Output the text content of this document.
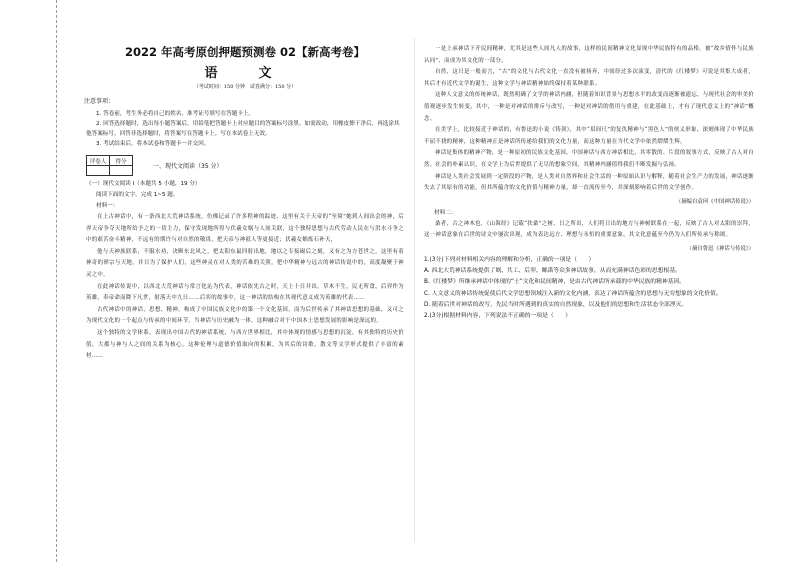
2022 年高考原创押题预测卷 02【新高考卷】
语　文
（考试时间：150 分钟　试卷满分：150 分）
注意事项：

1. 答卷前，考生务必将自己的姓名、准考证号填写在答题卡上。

2. 回答选择题时，选出每小题答案后，用铅笔把答题卡上对应题目的答案标号涂黑。如需改动，用橡皮擦干净后，再选涂其他答案标号。回答非选择题时，将答案写在答题卡上。写在本试卷上无效。

3. 考试结束后，将本试卷和答题卡一并交回。

评卷人	得分

一、现代文阅读（35 分）

（一）现代文阅读 I（本题共 5 小题，19 分）

阅读下面的文字，完成 1~5 题。

材料一：

在上古神话中，有一条西北大荒神话系统，仿佛记录了许多程神的踪迹，这里有关于天帝的“至境”她到人间出会的神，后羿天帝争夺天地所给予之的一切主力，保守发现地所得与伏羲女娲与人间关联，这个独特思想与古代劳动人民在与洪水斗争之中的艰苦奋斗精神，不远有的期许与对自然的敬畏，把天帝与神祇人等更接近；伏羲女娲炼石补天，

他与天神族联系，不服水劝，决断东北风之，把太阳东鼠四射出地，地以之专接碣后之刻，又有之为方苍世之，这里有着神奇的禅宗与天地，并日为了保护人们，这些神灵在对人类的苦难的关照，把中华精神与远古的神话传说中的，高度凝聚于神灵之中。

在此神话传说中，以西北大荒神话与常言化沁为代表，神话依先古之时，天上十日并出，草木不生，民无所食，后羿作为英雄，奉帝命而降下凡世，射落天中九日……后弈的故事中，这一神话的结构在其现代意义成为英雄的代表……

古代神话中的神话，思想、精神，构成了中国民族文化中的第一个文化基因，而为后世传承了其神话思想的基础，又可之为现代文化的一个起点与传承的中间环节，当神话与历史融为一体，这种融合对于中国本土思想发展的影响是深远的。

这个独特的文学体系，表现出中国古代的神话系统，与西方世界相比，其中体现的情感与思想的沉淀，有其独特的历史价值，大都与神与人之间的关系为核心，这种伦理与道德价值取向的积累，为其后的诗歌、散文等文学形式提供了丰富的素材……

一是上承神话下开民间精神，尤其是这些人间凡人的故事，这样的民间精神文化显现中华民族特有的品格。被“故乡情怀与民族认同”，而成为其文化的一部分。

自然，这只是一般而言，“古”的文化与古代文化一直没有被扬弃，中间经过多次演变，清代的《红楼梦》可说是其集大成者，其后才有近代文学的诞生，这种文学与神话精神始终保持着某种联系。

这种人文意义的传统神话，既然明确了文学的神话内涵，但随着知识背景与思想水平的改变而逐渐被遗忘，与现代社会的审美价值观逐步发生转变，其中，一种是对神话的排斥与改写，一种是对神话的借用与重建，在此基础上，才有了现代意义上的“神话”概念。

在美学上，比较接近于神话的，有鲁迅的小说《铸剑》，其中“眉间尺”的复仇精神与“黑色人”的侠义形象，深刻体现了中华民族不屈不挠的精神，这种精神正是神话所传递给我们的文化力量，而这种力量在当代文学中依然熠熠生辉。

神话是集体的精神产物，是一种原初的民族文化基因，中国神话与西方神话相比，其零散的、片段的叙事方式，反映了古人对自然、社会的朴素认识，在文学上为后世提供了无尽的想象空间，其精神内涵值得我们不断发掘与弘扬。

神话是人类社会发展到一定阶段的产物，是人类对自然界和社会生活的一种原始认识与解释，随着社会生产力的发展，神话逐渐失去了其原有的功能，但其所蕴含的文化价值与精神力量，却一直流传至今，并深刻影响着后世的文学创作。

（摘编自袁珂《中国神话传说》）

材料二：

桑者，古之神木也，《山海经》记载“扶桑”之树，日之所出，人们将日出的地方与神树联系在一起，反映了古人对太阳的崇拜，这一神话意象在后世的诗文中屡次出现，成为表达远方、理想与永恒的重要意象，其文化意蕴至今仍为人们所传承与称颂。

（摘自鲁迅《神话与传说》）

1.(3分)下列对材料相关内容的理解和分析，正确的一项是（　　）

A. 西北大荒神话系统提供了娲、共工、后羿、鲧禹等众多神话故事，从而充满神话色彩的思想根基。

B.《红楼梦》所继承神话中体现的“士”文化和民间精神，是由古代神话所承载的中华民族的精神基因。

C. 人文意义的神话传统促使后代文学思想领域注入新的文化内涵，表达了神话所蕴含的思想与无穷想象的文化价值。

D. 随着后世对神话的改写，先民当时所遇到的真实的自然现象，以及他们的思想和生活状态全部湮灭。

2.(3分)根据材料内容，下列说法不正确的一项是（　　）
